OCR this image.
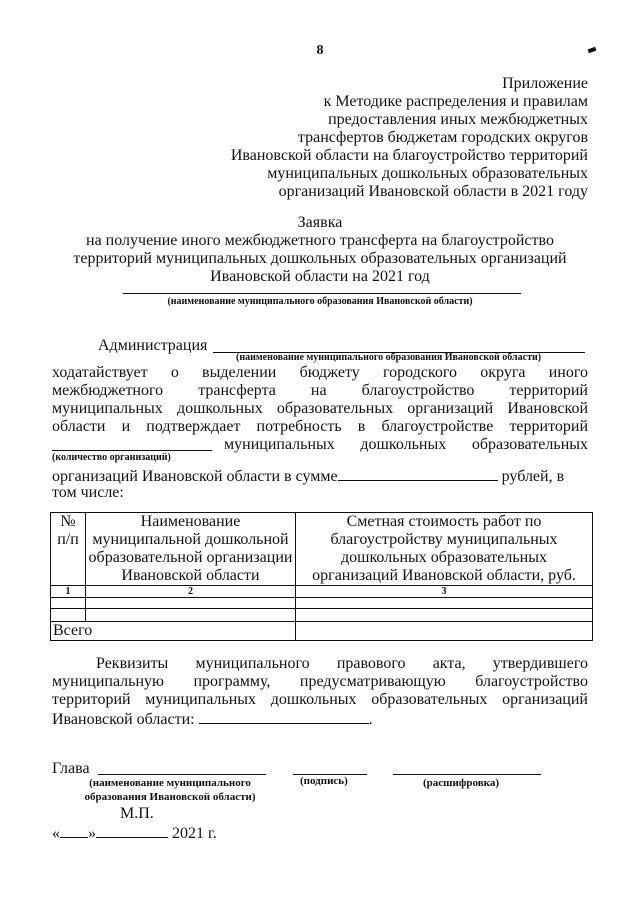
8
Приложение
к Методике распределения и правилам
предоставления иных межбюджетных
трансфертов бюджетам городских округов
Ивановской области на благоустройство территорий
муниципальных дошкольных образовательных
организаций Ивановской области в 2021 году
Заявка
на получение иного межбюджетного трансферта на благоустройство
территорий муниципальных дошкольных образовательных организаций
Ивановской области на 2021 год
(наименование муниципального образования Ивановской области)
Администрация
(наименование муниципального образования Ивановской области)
ходатайствует о выделении бюджету городского округа иного
межбюджетного трансферта на благоустройство территорий
муниципальных дошкольных образовательных организаций Ивановской
области и подтверждает потребность в благоустройстве территорий
муниципальных дошкольных образовательных
(количество организаций)
организаций Ивановской области в сумме	рублей, в
том числе:
№ п/п	Наименование муниципальной дошкольной образовательной организации Ивановской области	Сметная стоимость работ по благоустройству муниципальных дошкольных образовательных организаций Ивановской области, руб.
1	2	3

Всего		
Реквизиты муниципального правового акта, утвердившего
муниципальную программу, предусматривающую благоустройство
территорий муниципальных дошкольных образовательных организаций
Ивановской области:	.
Глава
(наименование муниципального образования Ивановской области)
(подпись)	(расшифровка)
М.П.
« »	2021 г.
